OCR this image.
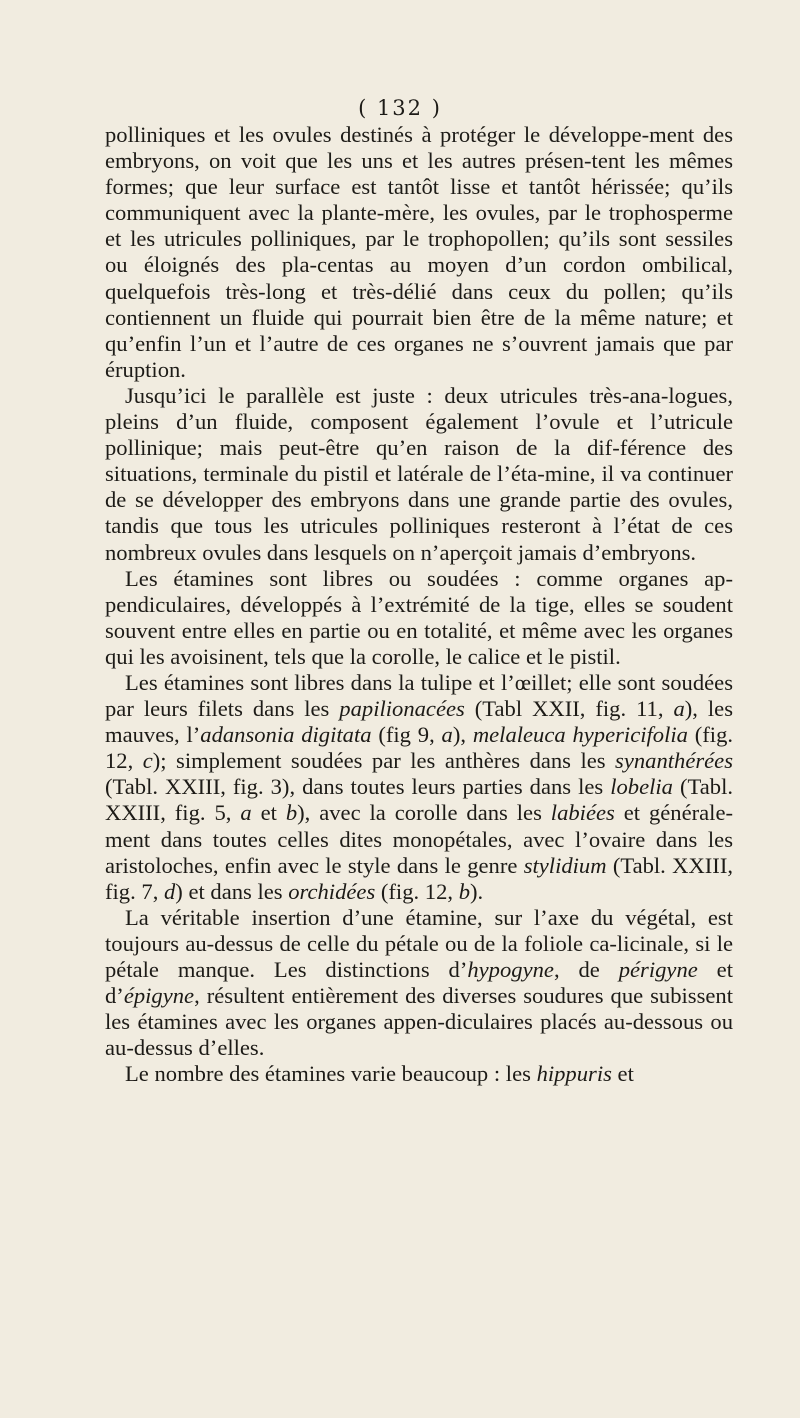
( 132 )

polliniques et les ovules destinés à protéger le développe-ment des embryons, on voit que les uns et les autres présen-tent les mêmes formes; que leur surface est tantôt lisse et tantôt hérissée; qu’ils communiquent avec la plante-mère, les ovules, par le trophosperme et les utricules polliniques, par le trophopollen; qu’ils sont sessiles ou éloignés des pla-centas au moyen d’un cordon ombilical, quelquefois très-long et très-délié dans ceux du pollen; qu’ils contiennent un fluide qui pourrait bien être de la même nature; et qu’enfin l’un et l’autre de ces organes ne s’ouvrent jamais que par éruption.

Jusqu’ici le parallèle est juste : deux utricules très-ana-logues, pleins d’un fluide, composent également l’ovule et l’utricule pollinique; mais peut-être qu’en raison de la dif-férence des situations, terminale du pistil et latérale de l’éta-mine, il va continuer de se développer des embryons dans une grande partie des ovules, tandis que tous les utricules polliniques resteront à l’état de ces nombreux ovules dans lesquels on n’aperçoit jamais d’embryons.

Les étamines sont libres ou soudées : comme organes ap-pendiculaires, développés à l’extrémité de la tige, elles se soudent souvent entre elles en partie ou en totalité, et même avec les organes qui les avoisinent, tels que la corolle, le calice et le pistil.

Les étamines sont libres dans la tulipe et l’œillet; elle sont soudées par leurs filets dans les papilionacées (Tabl XXII, fig. 11, a), les mauves, l’adansonia digitata (fig 9, a), melaleuca hypericifolia (fig. 12, c); simplement soudées par les anthères dans les synanthérées (Tabl. XXIII, fig. 3), dans toutes leurs parties dans les lobelia (Tabl. XXIII, fig. 5, a et b), avec la corolle dans les labiées et générale-ment dans toutes celles dites monopétales, avec l’ovaire dans les aristoloches, enfin avec le style dans le genre stylidium (Tabl. XXIII, fig. 7, d) et dans les orchidées (fig. 12, b).

La véritable insertion d’une étamine, sur l’axe du végétal, est toujours au-dessus de celle du pétale ou de la foliole ca-licinale, si le pétale manque. Les distinctions d’hypogyne, de périgyne et d’épigyne, résultent entièrement des diverses soudures que subissent les étamines avec les organes appen-diculaires placés au-dessous ou au-dessus d’elles.

Le nombre des étamines varie beaucoup : les hippuris et
